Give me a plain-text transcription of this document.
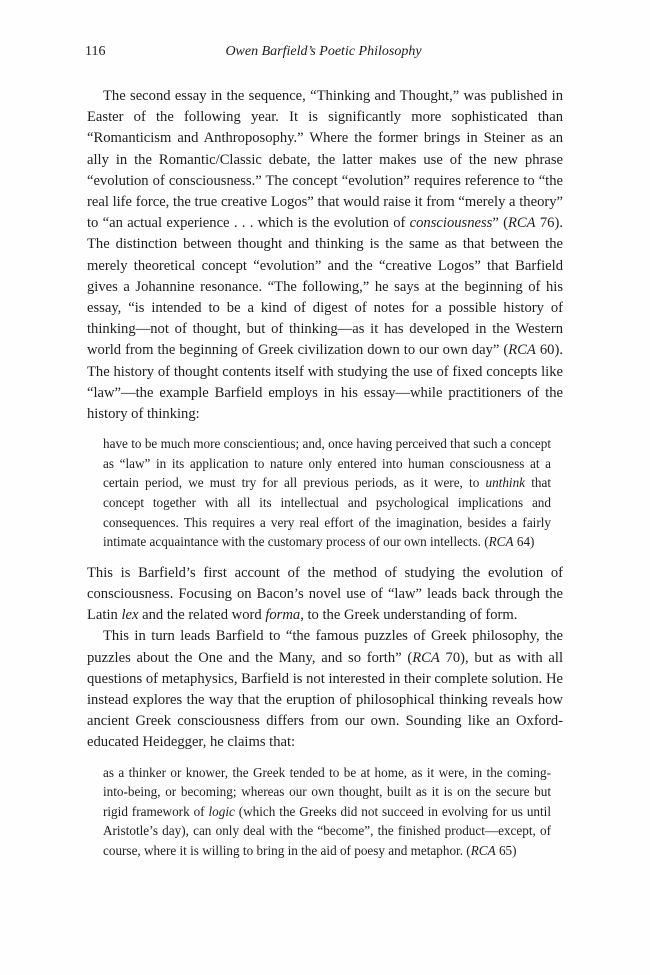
116	Owen Barfield’s Poetic Philosophy

The second essay in the sequence, “Thinking and Thought,” was published in Easter of the following year. It is significantly more sophisticated than “Romanticism and Anthroposophy.” Where the former brings in Steiner as an ally in the Romantic/Classic debate, the latter makes use of the new phrase “evolution of consciousness.” The concept “evolution” requires reference to “the real life force, the true creative Logos” that would raise it from “merely a theory” to “an actual experience . . . which is the evolution of consciousness” (RCA 76). The distinction between thought and thinking is the same as that between the merely theoretical concept “evolution” and the “creative Logos” that Barfield gives a Johannine resonance. “The following,” he says at the beginning of his essay, “is intended to be a kind of digest of notes for a possible history of thinking—not of thought, but of thinking—as it has developed in the Western world from the beginning of Greek civilization down to our own day” (RCA 60). The history of thought contents itself with studying the use of fixed concepts like “law”—the example Barfield employs in his essay—while practitioners of the history of thinking:

have to be much more conscientious; and, once having perceived that such a concept as “law” in its application to nature only entered into human consciousness at a certain period, we must try for all previous periods, as it were, to unthink that concept together with all its intellectual and psychological implications and consequences. This requires a very real effort of the imagination, besides a fairly intimate acquaintance with the customary process of our own intellects. (RCA 64)

This is Barfield’s first account of the method of studying the evolution of consciousness. Focusing on Bacon’s novel use of “law” leads back through the Latin lex and the related word forma, to the Greek understanding of form.

This in turn leads Barfield to “the famous puzzles of Greek philosophy, the puzzles about the One and the Many, and so forth” (RCA 70), but as with all questions of metaphysics, Barfield is not interested in their complete solution. He instead explores the way that the eruption of philosophical thinking reveals how ancient Greek consciousness differs from our own. Sounding like an Oxford-educated Heidegger, he claims that:

as a thinker or knower, the Greek tended to be at home, as it were, in the coming-into-being, or becoming; whereas our own thought, built as it is on the secure but rigid framework of logic (which the Greeks did not succeed in evolving for us until Aristotle’s day), can only deal with the “become”, the finished product—except, of course, where it is willing to bring in the aid of poesy and metaphor. (RCA 65)
